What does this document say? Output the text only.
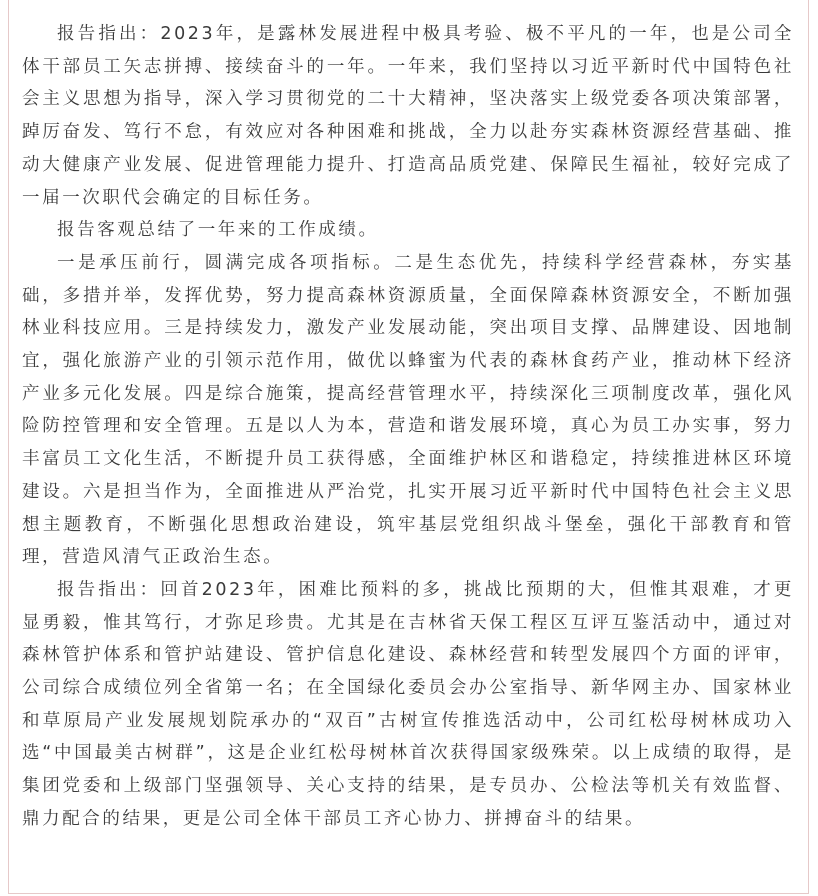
报告指出：2023年，是露林发展进程中极具考验、极不平凡的一年，也是公司全体干部员工矢志拼搏、接续奋斗的一年。一年来，我们坚持以习近平新时代中国特色社会主义思想为指导，深入学习贯彻党的二十大精神，坚决落实上级党委各项决策部署，踔厉奋发、笃行不怠，有效应对各种困难和挑战，全力以赴夯实森林资源经营基础、推动大健康产业发展、促进管理能力提升、打造高品质党建、保障民生福祉，较好完成了一届一次职代会确定的目标任务。

报告客观总结了一年来的工作成绩。

一是承压前行，圆满完成各项指标。二是生态优先，持续科学经营森林，夯实基础，多措并举，发挥优势，努力提高森林资源质量，全面保障森林资源安全，不断加强林业科技应用。三是持续发力，激发产业发展动能，突出项目支撑、品牌建设、因地制宜，强化旅游产业的引领示范作用，做优以蜂蜜为代表的森林食药产业，推动林下经济产业多元化发展。四是综合施策，提高经营管理水平，持续深化三项制度改革，强化风险防控管理和安全管理。五是以人为本，营造和谐发展环境，真心为员工办实事，努力丰富员工文化生活，不断提升员工获得感，全面维护林区和谐稳定，持续推进林区环境建设。六是担当作为，全面推进从严治党，扎实开展习近平新时代中国特色社会主义思想主题教育，不断强化思想政治建设，筑牢基层党组织战斗堡垒，强化干部教育和管理，营造风清气正政治生态。

报告指出：回首2023年，困难比预料的多，挑战比预期的大，但惟其艰难，才更显勇毅，惟其笃行，才弥足珍贵。尤其是在吉林省天保工程区互评互鉴活动中，通过对森林管护体系和管护站建设、管护信息化建设、森林经营和转型发展四个方面的评审，公司综合成绩位列全省第一名；在全国绿化委员会办公室指导、新华网主办、国家林业和草原局产业发展规划院承办的“双百”古树宣传推选活动中，公司红松母树林成功入选“中国最美古树群”，这是企业红松母树林首次获得国家级殊荣。以上成绩的取得，是集团党委和上级部门坚强领导、关心支持的结果，是专员办、公检法等机关有效监督、鼎力配合的结果，更是公司全体干部员工齐心协力、拼搏奋斗的结果。
